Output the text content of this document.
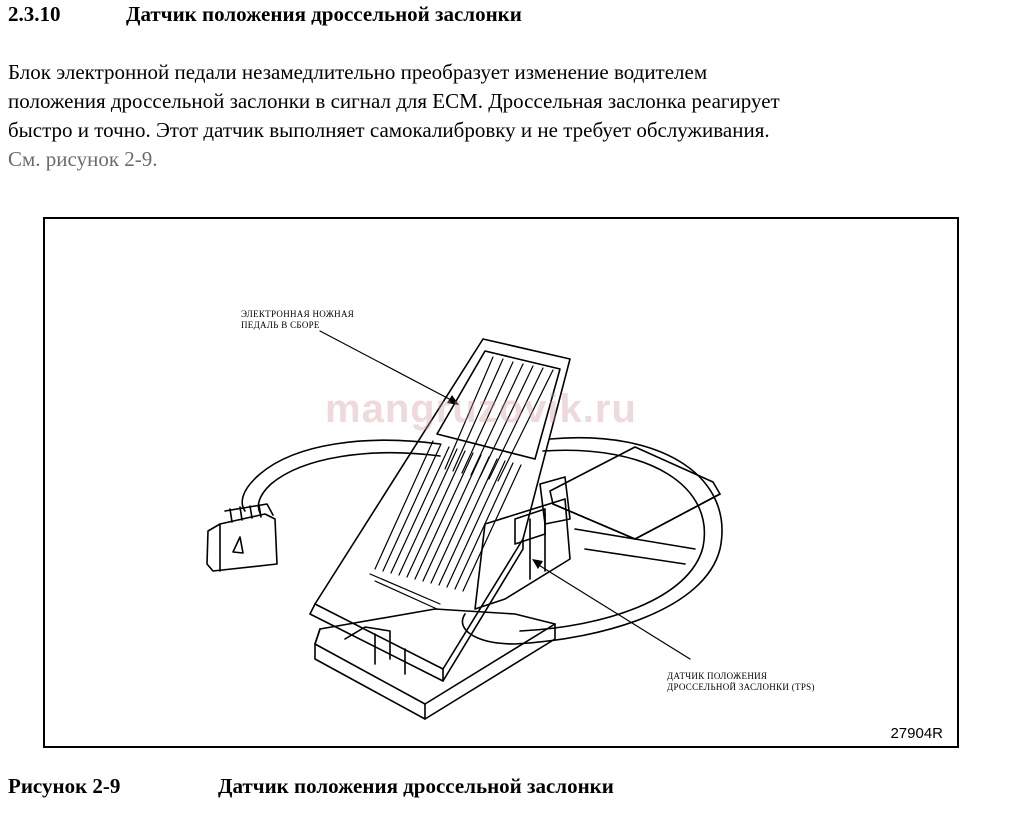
2.3.10	Датчик положения дроссельной заслонки
Блок электронной педали незамедлительно преобразует изменение водителем
положения дроссельной заслонки в сигнал для ECM. Дроссельная заслонка реагирует
быстро и точно. Этот датчик выполняет самокалибровку и не требует обслуживания.
См. рисунок 2-9.
mangruzovik.ru
ЭЛЕКТРОННАЯ НОЖНАЯ
ПЕДАЛЬ В СБОРЕ
ДАТЧИК ПОЛОЖЕНИЯ
ДРОССЕЛЬНОЙ ЗАСЛОНКИ (TPS)
27904R
Рисунок 2-9	Датчик положения дроссельной заслонки
